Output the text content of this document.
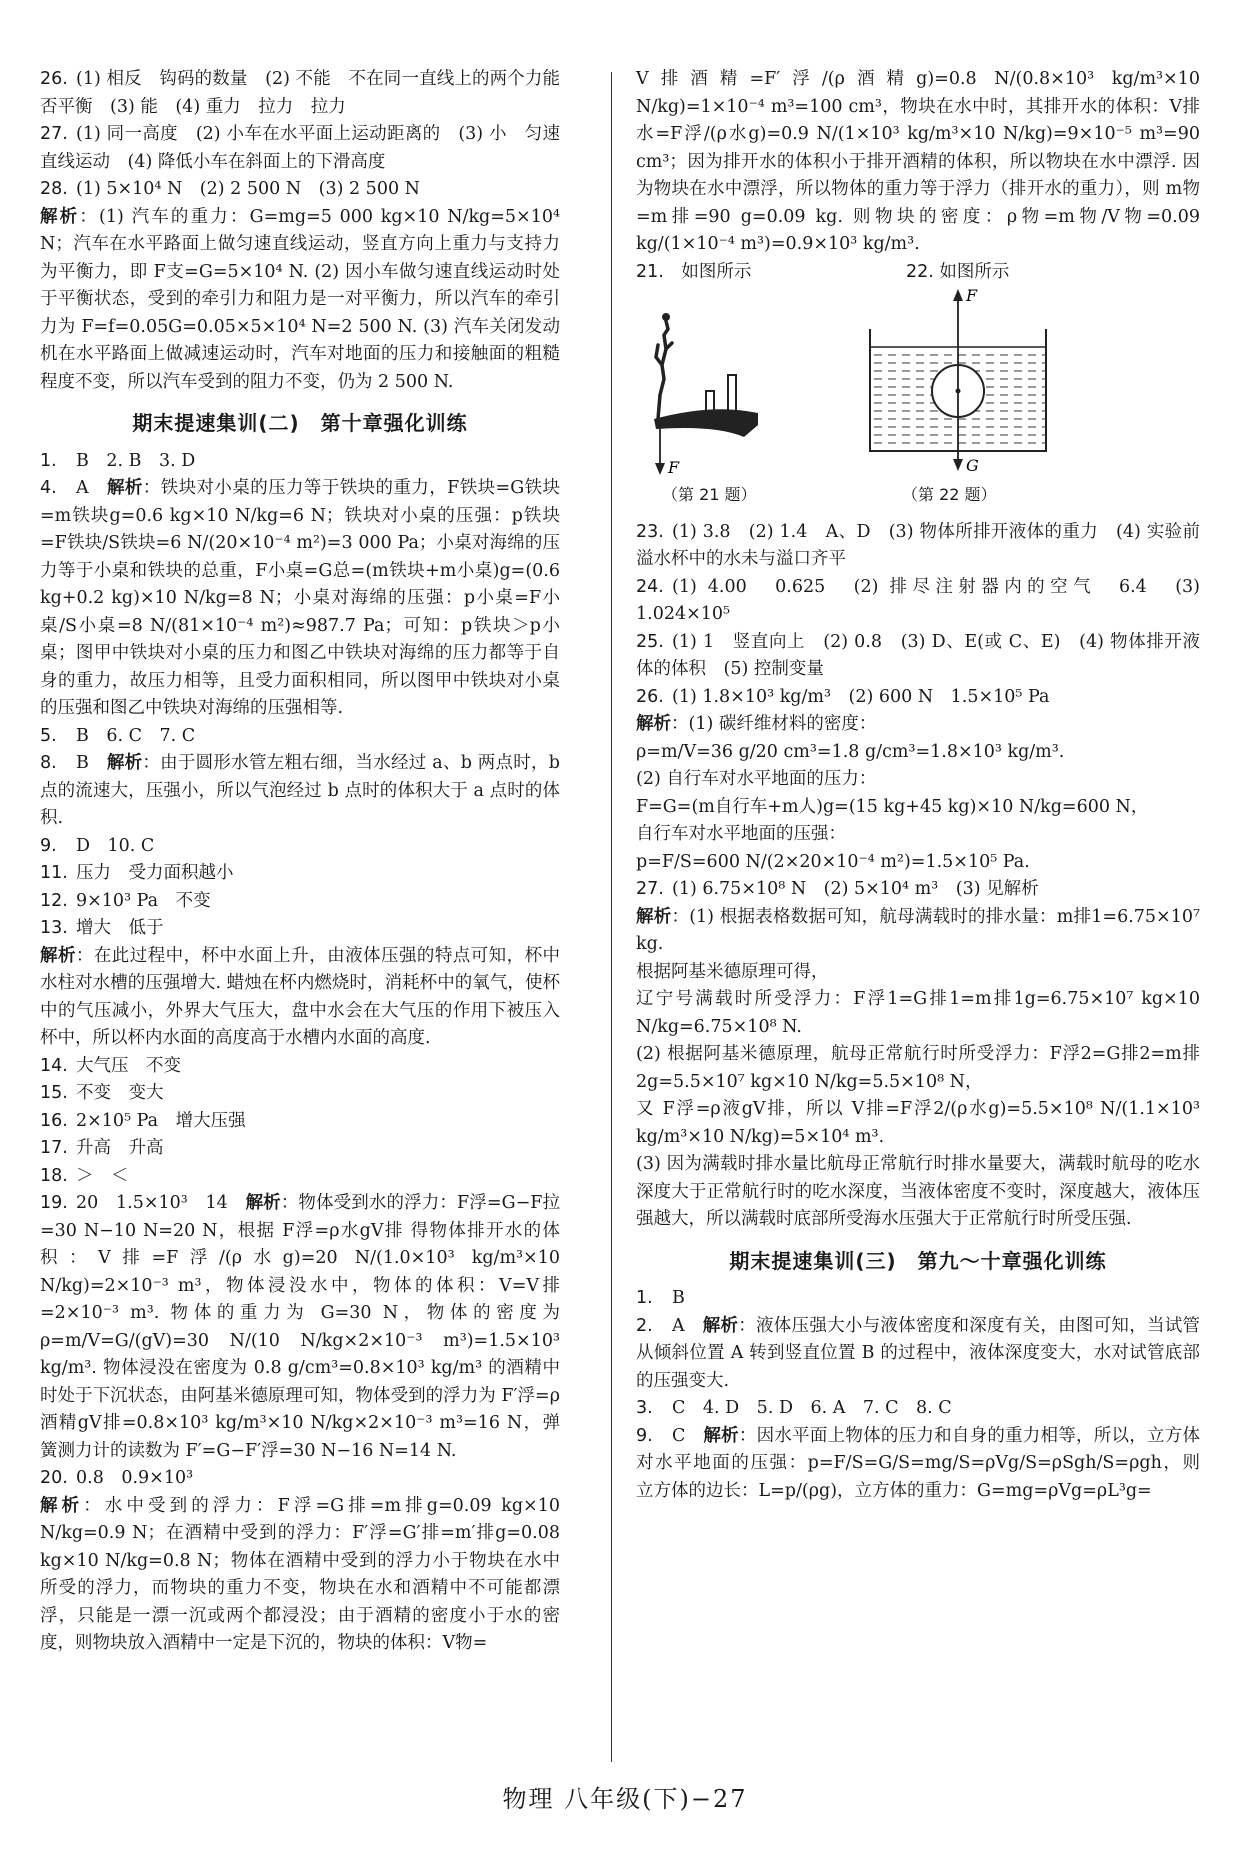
26. (1) 相反　钩码的数量　(2) 不能　不在同一直线上的两个力能否平衡　(3) 能　(4) 重力　拉力　拉力

27. (1) 同一高度　(2) 小车在水平面上运动距离的　(3) 小　匀速直线运动　(4) 降低小车在斜面上的下滑高度

28. (1) 5×10⁴ N　(2) 2 500 N　(3) 2 500 N
解析：(1) 汽车的重力：G=mg=5 000 kg×10 N/kg=5×10⁴ N；汽车在水平路面上做匀速直线运动，竖直方向上重力与支持力为平衡力，即 F支=G=5×10⁴ N. (2) 因小车做匀速直线运动时处于平衡状态，受到的牵引力和阻力是一对平衡力，所以汽车的牵引力为 F=f=0.05G=0.05×5×10⁴ N=2 500 N. (3) 汽车关闭发动机在水平路面上做减速运动时，汽车对地面的压力和接触面的粗糙程度不变，所以汽车受到的阻力不变，仍为 2 500 N.

期末提速集训(二)　第十章强化训练

1. B　2. B　3. D

4. A　 解析：铁块对小桌的压力等于铁块的重力，F铁块=G铁块=m铁块g=0.6 kg×10 N/kg=6 N；铁块对小桌的压强：p铁块=F铁块/S铁块=6 N/(20×10⁻⁴ m²)=3 000 Pa；小桌对海绵的压力等于小桌和铁块的总重，F小桌=G总=(m铁块+m小桌)g=(0.6 kg+0.2 kg)×10 N/kg=8 N；小桌对海绵的压强：p小桌=F小桌/S小桌=8 N/(81×10⁻⁴ m²)≈987.7 Pa；可知：p铁块＞p小桌；图甲中铁块对小桌的压力和图乙中铁块对海绵的压力都等于自身的重力，故压力相等，且受力面积相同，所以图甲中铁块对小桌的压强和图乙中铁块对海绵的压强相等.

5. B　6. C　7. C

8. B　 解析：由于圆形水管左粗右细，当水经过 a、b 两点时，b 点的流速大，压强小，所以气泡经过 b 点时的体积大于 a 点时的体积.

9. D　10. C

11. 压力　受力面积越小

12. 9×10³ Pa　不变

13. 增大　低于
解析：在此过程中，杯中水面上升，由液体压强的特点可知，杯中水柱对水槽的压强增大. 蜡烛在杯内燃烧时，消耗杯中的氧气，使杯中的气压减小，外界大气压大，盘中水会在大气压的作用下被压入杯中，所以杯内水面的高度高于水槽内水面的高度.

14. 大气压　不变

15. 不变　变大

16. 2×10⁵ Pa　增大压强

17. 升高　升高

18. ＞　＜

19. 20　1.5×10³　14　 解析：物体受到水的浮力：F浮=G−F拉=30 N−10 N=20 N，根据 F浮=ρ水gV排 得物体排开水的体积：V排=F浮/(ρ水g)=20 N/(1.0×10³ kg/m³×10 N/kg)=2×10⁻³ m³，物体浸没水中，物体的体积：V=V排=2×10⁻³ m³. 物体的重力为 G=30 N，物体的密度为 ρ=m/V=G/(gV)=30 N/(10 N/kg×2×10⁻³ m³)=1.5×10³ kg/m³. 物体浸没在密度为 0.8 g/cm³=0.8×10³ kg/m³ 的酒精中时处于下沉状态，由阿基米德原理可知，物体受到的浮力为 F′浮=ρ酒精gV排=0.8×10³ kg/m³×10 N/kg×2×10⁻³ m³=16 N，弹簧测力计的读数为 F′=G−F′浮=30 N−16 N=14 N.

20. 0.8　0.9×10³
解析：水中受到的浮力：F浮=G排=m排g=0.09 kg×10 N/kg=0.9 N；在酒精中受到的浮力：F′浮=G′排=m′排g=0.08 kg×10 N/kg=0.8 N；物体在酒精中受到的浮力小于物块在水中所受的浮力，而物块的重力不变，物块在水和酒精中不可能都漂浮，只能是一漂一沉或两个都浸没；由于酒精的密度小于水的密度，则物块放入酒精中一定是下沉的，物块的体积：V物=

V排酒精=F′浮/(ρ酒精g)=0.8 N/(0.8×10³ kg/m³×10 N/kg)=1×10⁻⁴ m³=100 cm³，物块在水中时，其排开水的体积：V排水=F浮/(ρ水g)=0.9 N/(1×10³ kg/m³×10 N/kg)=9×10⁻⁵ m³=90 cm³；因为排开水的体积小于排开酒精的体积，所以物块在水中漂浮. 因为物块在水中漂浮，所以物体的重力等于浮力（排开水的重力），则 m物=m排=90 g=0.09 kg. 则物块的密度：ρ物=m物/V物=0.09 kg/(1×10⁻⁴ m³)=0.9×10³ kg/m³.

21.　如图所示	22. 如图所示
F
（第 21 题）
F
G
（第 22 题）

23. (1) 3.8　(2) 1.4　A、D　(3) 物体所排开液体的重力　(4) 实验前溢水杯中的水未与溢口齐平

24. (1) 4.00　0.625　(2) 排尽注射器内的空气　6.4　(3) 1.024×10⁵

25. (1) 1　竖直向上　(2) 0.8　(3) D、E(或 C、E)　(4) 物体排开液体的体积　(5) 控制变量

26. (1) 1.8×10³ kg/m³　(2) 600 N　1.5×10⁵ Pa
解析：(1) 碳纤维材料的密度：
ρ=m/V=36 g/20 cm³=1.8 g/cm³=1.8×10³ kg/m³.
(2) 自行车对水平地面的压力：
F=G=(m自行车+m人)g=(15 kg+45 kg)×10 N/kg=600 N，
自行车对水平地面的压强：
p=F/S=600 N/(2×20×10⁻⁴ m²)=1.5×10⁵ Pa.

27. (1) 6.75×10⁸ N　(2) 5×10⁴ m³　(3) 见解析
解析：(1) 根据表格数据可知，航母满载时的排水量：m排1=6.75×10⁷ kg.
根据阿基米德原理可得，
辽宁号满载时所受浮力：F浮1=G排1=m排1g=6.75×10⁷ kg×10 N/kg=6.75×10⁸ N.
(2) 根据阿基米德原理，航母正常航行时所受浮力：F浮2=G排2=m排2g=5.5×10⁷ kg×10 N/kg=5.5×10⁸ N，
又 F浮=ρ液gV排，所以 V排=F浮2/(ρ水g)=5.5×10⁸ N/(1.1×10³ kg/m³×10 N/kg)=5×10⁴ m³.
(3) 因为满载时排水量比航母正常航行时排水量要大，满载时航母的吃水深度大于正常航行时的吃水深度，当液体密度不变时，深度越大，液体压强越大，所以满载时底部所受海水压强大于正常航行时所受压强.

期末提速集训(三)　第九～十章强化训练

1. B

2. A　 解析：液体压强大小与液体密度和深度有关，由图可知，当试管从倾斜位置 A 转到竖直位置 B 的过程中，液体深度变大，水对试管底部的压强变大.

3. C　4. D　5. D　6. A　7. C　8. C

9. C　 解析：因水平面上物体的压力和自身的重力相等，所以，立方体对水平地面的压强：p=F/S=G/S=mg/S=ρVg/S=ρSgh/S=ρgh，则立方体的边长：L=p/(ρg)，立方体的重力：G=mg=ρVg=ρL³g=

物理 八年级(下)−27
